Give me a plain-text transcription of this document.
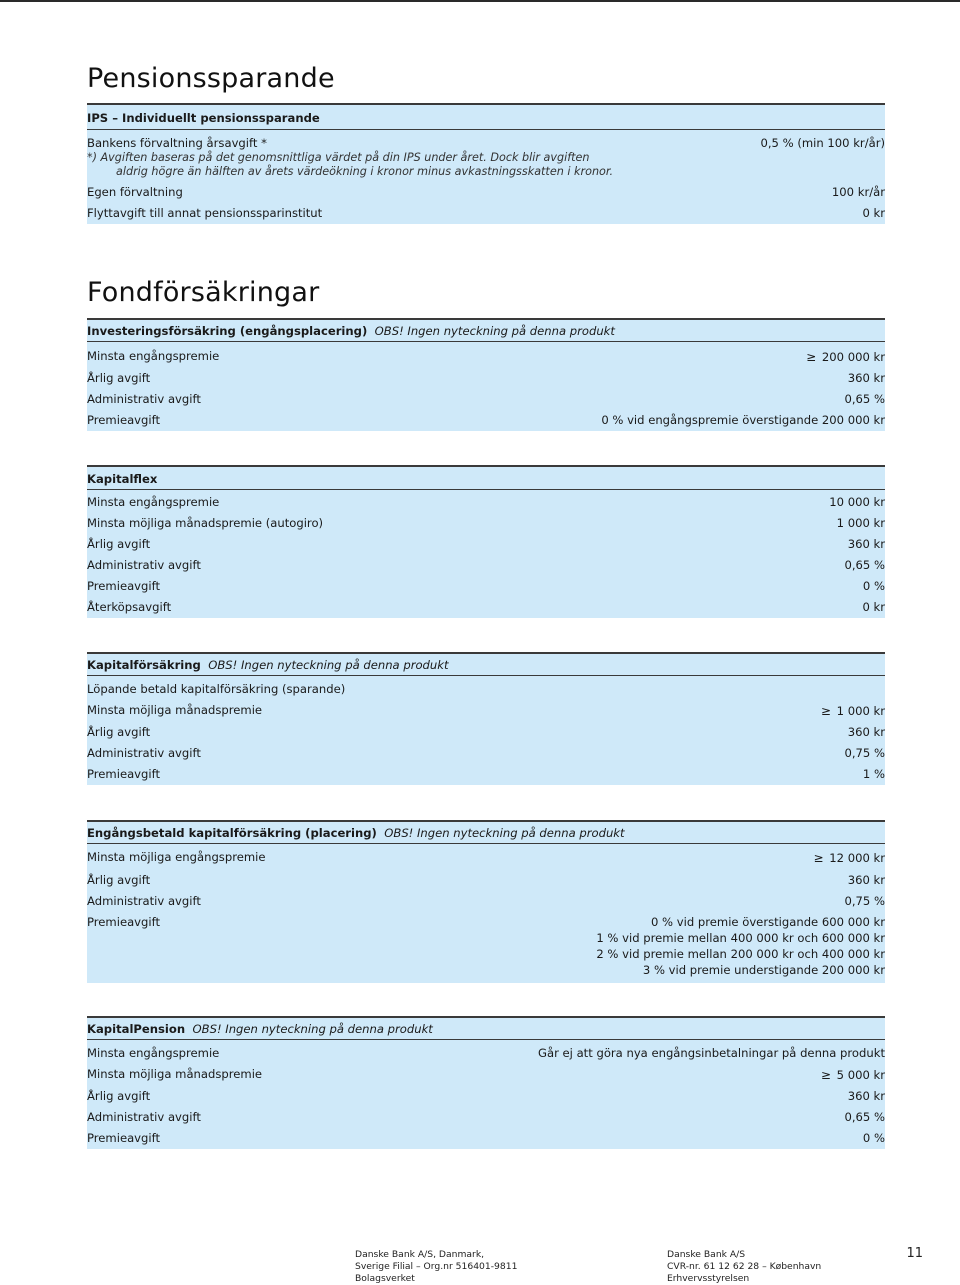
Pensionssparande
IPS – Individuellt pensionssparande
Bankens förvaltning årsavgift *	0,5 % (min 100 kr/år)
*) Avgiften baseras på det genomsnittliga värdet på din IPS under året. Dock blir avgiften
aldrig högre än hälften av årets värdeökning i kronor minus avkastningsskatten i kronor.
Egen förvaltning	100 kr/år
Flyttavgift till annat pensionssparinstitut	0 kr
Fondförsäkringar
Investeringsförsäkring (engångsplacering) OBS! Ingen nyteckning på denna produkt
Minsta engångspremie	≥ 200 000 kr
Årlig avgift	360 kr
Administrativ avgift	0,65 %
Premieavgift	0 % vid engångspremie överstigande 200 000 kr
Kapitalflex
Minsta engångspremie	10 000 kr
Minsta möjliga månadspremie (autogiro)	1 000 kr
Årlig avgift	360 kr
Administrativ avgift	0,65 %
Premieavgift	0 %
Återköpsavgift	0 kr
Kapitalförsäkring OBS! Ingen nyteckning på denna produkt
Löpande betald kapitalförsäkring (sparande)
Minsta möjliga månadspremie	≥ 1 000 kr
Årlig avgift	360 kr
Administrativ avgift	0,75 %
Premieavgift	1 %
Engångsbetald kapitalförsäkring (placering) OBS! Ingen nyteckning på denna produkt
Minsta möjliga engångspremie	≥ 12 000 kr
Årlig avgift	360 kr
Administrativ avgift	0,75 %
Premieavgift	0 % vid premie överstigande 600 000 kr
1 % vid premie mellan 400 000 kr och 600 000 kr
2 % vid premie mellan 200 000 kr och 400 000 kr
3 % vid premie understigande 200 000 kr
KapitalPension OBS! Ingen nyteckning på denna produkt
Minsta engångspremie	Går ej att göra nya engångsinbetalningar på denna produkt
Minsta möjliga månadspremie	≥ 5 000 kr
Årlig avgift	360 kr
Administrativ avgift	0,65 %
Premieavgift	0 %
Danske Bank A/S, Danmark,
Sverige Filial – Org.nr 516401-9811
Bolagsverket
Danske Bank A/S
CVR-nr. 61 12 62 28 – København
Erhvervsstyrelsen
11
